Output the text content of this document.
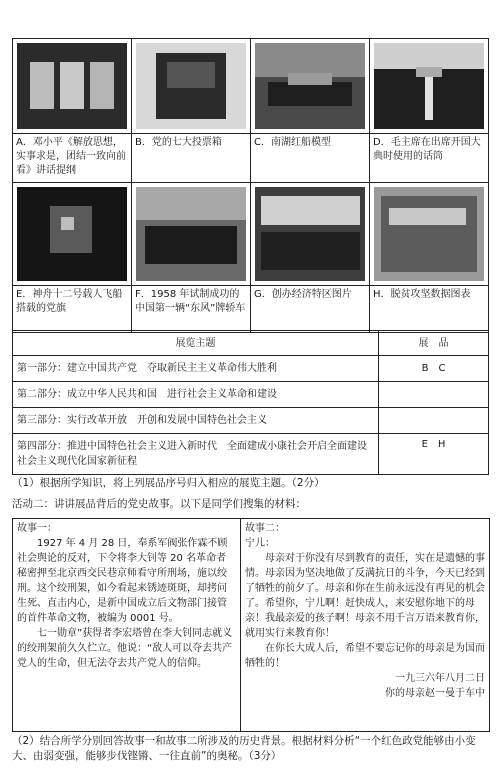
A．邓小平《解放思想，实事求是，团结一致向前看》讲话提纲	B．党的七大投票箱	C．南湖红船模型	D．毛主席在出席开国大典时使用的话筒

E．神舟十二号载人飞船搭载的党旗	F．1958 年试制成功的中国第一辆“东风”牌轿车	G．创办经济特区图片	H．脱贫攻坚数据图表
展览主题	展　品
第一部分：建立中国共产党　夺取新民主主义革命伟大胜利	B　C
第二部分：成立中华人民共和国　进行社会主义革命和建设	
第三部分：实行改革开放　开创和发展中国特色社会主义	
第四部分：推进中国特色社会主义进入新时代　全面建成小康社会开启全面建设社会主义现代化国家新征程	E　H
（1）根据所学知识，将上列展品序号归入相应的展览主题。（2分）
活动二：讲讲展品背后的党史故事。以下是同学们搜集的材料：

故事一：

1927 年 4 月 28 日，奉系军阀张作霖不顾社会舆论的反对，下令将李大钊等 20 名革命者秘密押至北京西交民巷京师看守所刑场，施以绞刑。这个绞刑架，如今看起来锈迹斑斑，却拷问生死、直击内心，是新中国成立后文物部门接管的首件革命文物，被编为 0001 号。

七一勋章”获得者李宏塔曾在李大钊同志就义的绞刑架前久久伫立。他说：“敌人可以夺去共产党人的生命，但无法夺去共产党人的信仰。

故事二：

宁儿：

母亲对于你没有尽到教育的责任，实在是遗憾的事情。母亲因为坚决地做了反满抗日的斗争，今天已经到了牺牲的前夕了。母亲和你在生前永远没有再见的机会了。希望你，宁儿啊！赶快成人，来安慰你地下的母亲！我最亲爱的孩子啊！母亲不用千言万语来教育你，就用实行来教育你！

在你长大成人后，希望不要忘记你的母亲是为国而牺牲的！

一九三六年八月二日

你的母亲赵一曼于车中

（2）结合所学分别回答故事一和故事二所涉及的历史背景。根据材料分析“一个红色政党能够由小变大、由弱变强，能够步伐铿锵、一往直前”的奥秘。（3分）
